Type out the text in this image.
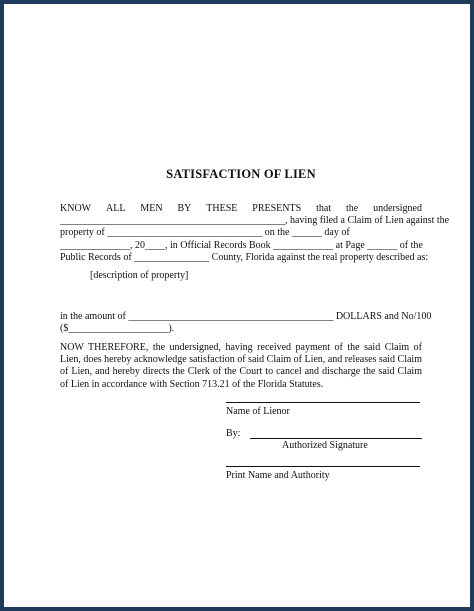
SATISFACTION OF LIEN
KNOW ALL MEN BY THESE PRESENTS that the undersigned
_____________________________________________, having filed a Claim of Lien against the
property of _______________________________ on the ______ day of
______________, 20____, in Official Records Book ____________ at Page ______ of the
Public Records of _______________ County, Florida against the real property described as:
[description of property]
in the amount of _________________________________________ DOLLARS and No/100
($____________________).
NOW THEREFORE, the undersigned, having received payment of the said Claim of Lien, does hereby acknowledge satisfaction of said Claim of Lien, and releases said Claim of Lien, and hereby directs the Clerk of the Court to cancel and discharge the said Claim of Lien in accordance with Section 713.21 of the Florida Statutes.
Name of Lienor
By:
Authorized Signature
Print Name and Authority
